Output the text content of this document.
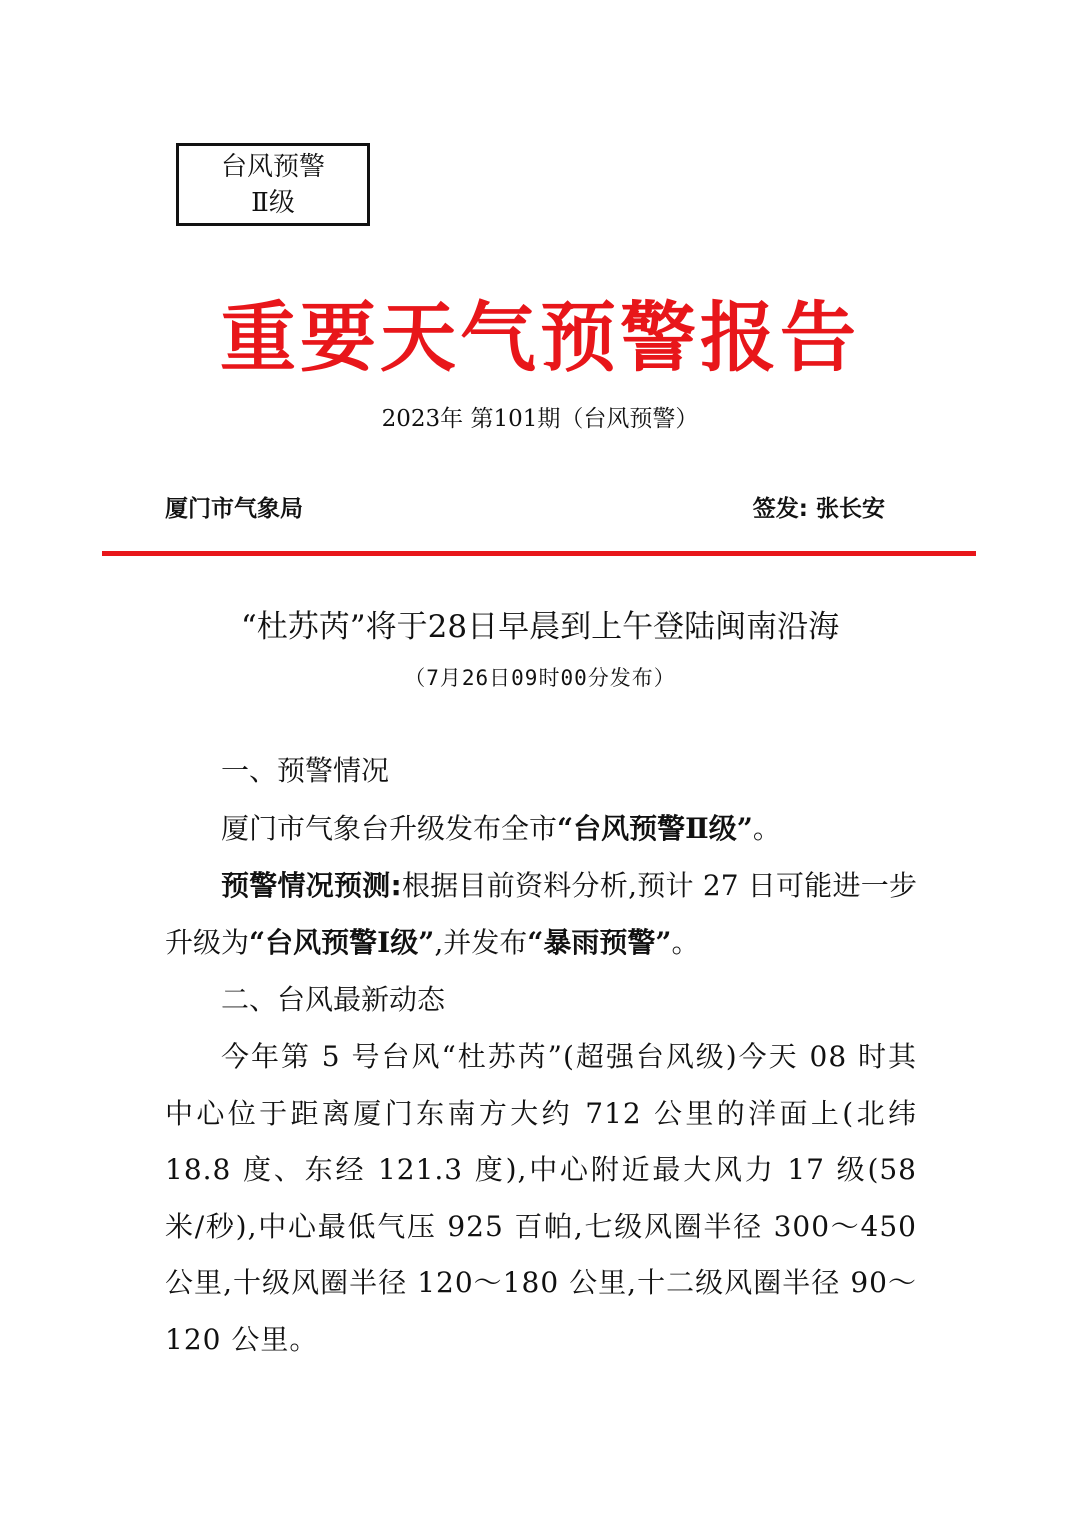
台风预警
Ⅱ级
重要天气预警报告
2023年 第101期（台风预警）
厦门市气象局	签发: 张长安
“杜苏芮”将于28日早晨到上午登陆闽南沿海
（7月26日09时00分发布）
一、预警情况

厦门市气象台升级发布全市“台风预警Ⅱ级”。

预警情况预测:根据目前资料分析,预计 27 日可能进一步升级为“台风预警Ⅰ级”,并发布“暴雨预警”。

二、台风最新动态

今年第 5 号台风“杜苏芮”(超强台风级)今天 08 时其中心位于距离厦门东南方大约 712 公里的洋面上(北纬 18.8 度、东经 121.3 度),中心附近最大风力 17 级(58 米/秒),中心最低气压 925 百帕,七级风圈半径 300～450 公里,十级风圈半径 120～180 公里,十二级风圈半径 90～120 公里。
